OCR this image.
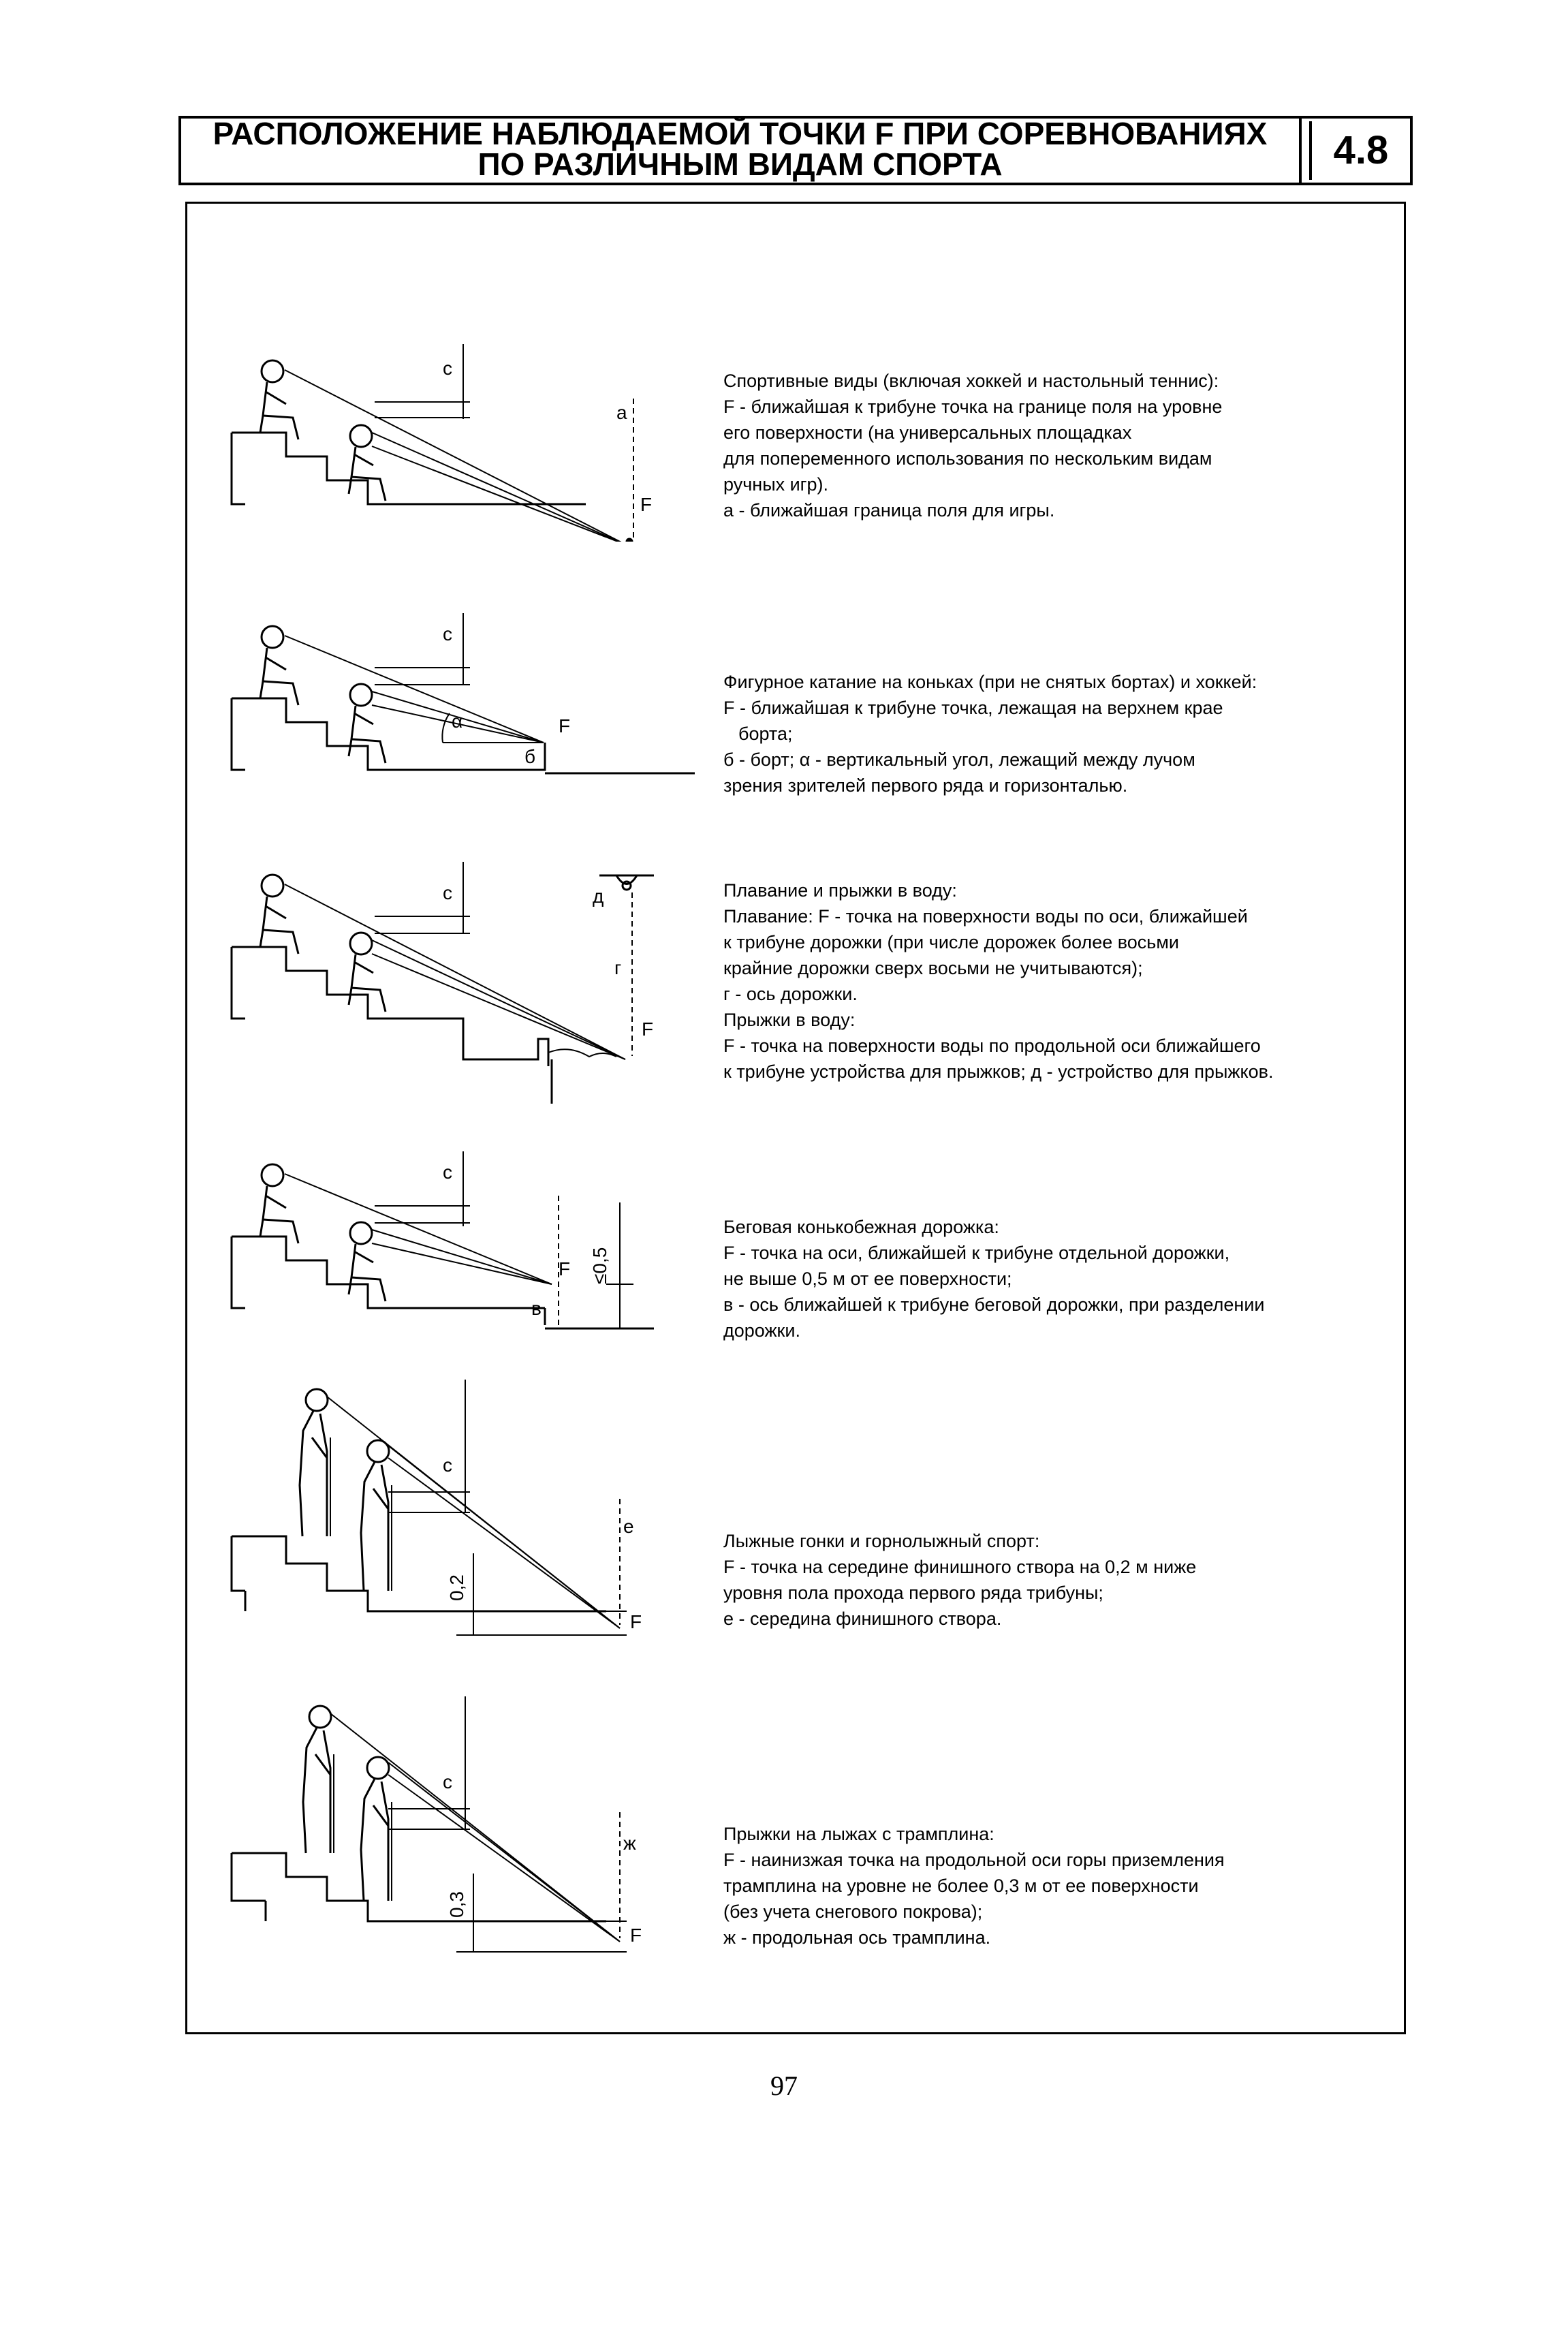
РАСПОЛОЖЕНИЕ НАБЛЮДАЕМОЙ ТОЧКИ F ПРИ СОРЕВНОВАНИЯХ
ПО РАЗЛИЧНЫМ ВИДАМ СПОРТА	4.8
c
a
F

Спортивные виды (включая хоккей и настольный теннис):

F - ближайшая к трибуне точка на границе поля на уровне

его поверхности (на универсальных площадках

для попеременного использования по нескольким видам

ручных игр).

а - ближайшая граница поля для игры.

c
α	F
б

Фигурное катание на коньках (при не снятых бортах) и хоккей:

F - ближайшая к трибуне точка, лежащая на верхнем крае

борта;

б - борт; α - вертикальный угол, лежащий между лучом

зрения зрителей первого ряда и горизонталью.

c	д
г
F

Плавание и прыжки в воду:

Плавание: F - точка на поверхности воды по оси, ближайшей

к трибуне дорожки (при числе дорожек более восьми

крайние дорожки сверх восьми не учитываются);

г - ось дорожки.

Прыжки в воду:

F - точка на поверхности воды по продольной оси ближайшего

к трибуне устройства для прыжков; д - устройство для прыжков.

c
F
в
≤0,5

Беговая конькобежная дорожка:

F - точка на оси, ближайшей к трибуне отдельной дорожки,

не выше 0,5 м от ее поверхности;

в - ось ближайшей к трибуне беговой дорожки, при разделении

дорожки.

c
e
F
0,2

Лыжные гонки и горнолыжный спорт:

F - точка на середине финишного створа на 0,2 м ниже

уровня пола прохода первого ряда трибуны;

е - середина финишного створа.

c
ж
F
0,3

Прыжки на лыжах с трамплина:

F - наинизжая точка на продольной оси горы приземления

трамплина на уровне не более 0,3 м от ее поверхности

(без учета снегового покрова);

ж - продольная ось трамплина.

97
